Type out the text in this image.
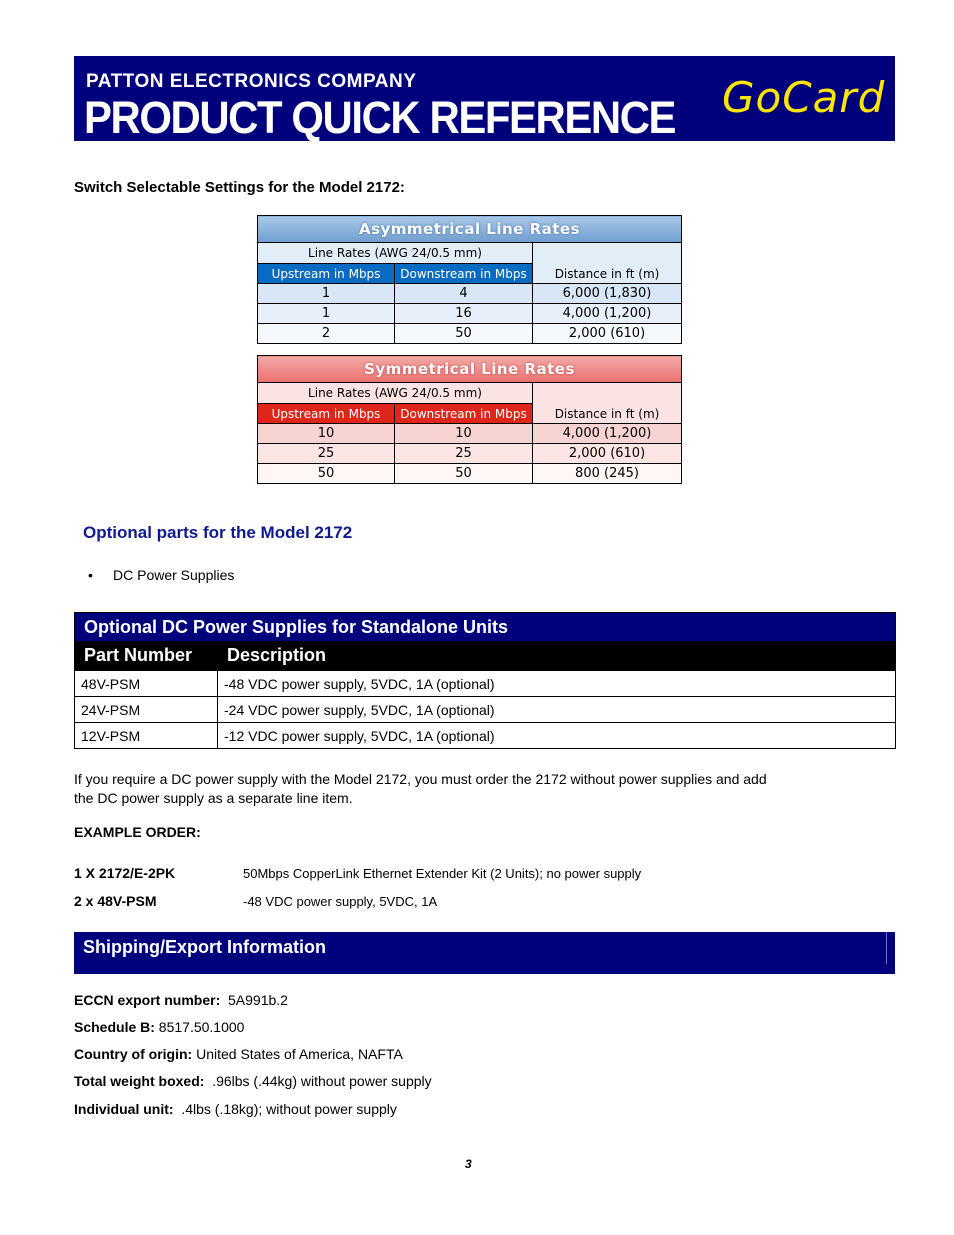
PATTON ELECTRONICS COMPANY
PRODUCT QUICK REFERENCE GoCard
Switch Selectable Settings for the Model 2172:
Asymmetrical Line Rates		
Line Rates (AWG 24/0.5 mm)		Distance in ft (m)
Upstream in Mbps	Downstream in Mbps	
1	4	6,000 (1,830)
1	16	4,000 (1,200)
2	50	2,000 (610)
Symmetrical Line Rates		
Line Rates (AWG 24/0.5 mm)		Distance in ft (m)
Upstream in Mbps	Downstream in Mbps	
10	10	4,000 (1,200)
25	25	2,000 (610)
50	50	800 (245)
Optional parts for the Model 2172
• DC Power Supplies
Optional DC Power Supplies for Standalone Units	
Part Number	Description
48V-PSM	-48 VDC power supply, 5VDC, 1A (optional)
24V-PSM	-24 VDC power supply, 5VDC, 1A (optional)
12V-PSM	-12 VDC power supply, 5VDC, 1A (optional)
If you require a DC power supply with the Model 2172, you must order the 2172 without power supplies and add
the DC power supply as a separate line item.
EXAMPLE ORDER:
1 X 2172/E-2PK	50Mbps CopperLink Ethernet Extender Kit (2 Units); no power supply
2 x 48V-PSM	-48 VDC power supply, 5VDC, 1A
Shipping/Export Information
ECCN export number: 5A991b.2
Schedule B: 8517.50.1000
Country of origin: United States of America, NAFTA
Total weight boxed: .96lbs (.44kg) without power supply
Individual unit: .4lbs (.18kg); without power supply
3
